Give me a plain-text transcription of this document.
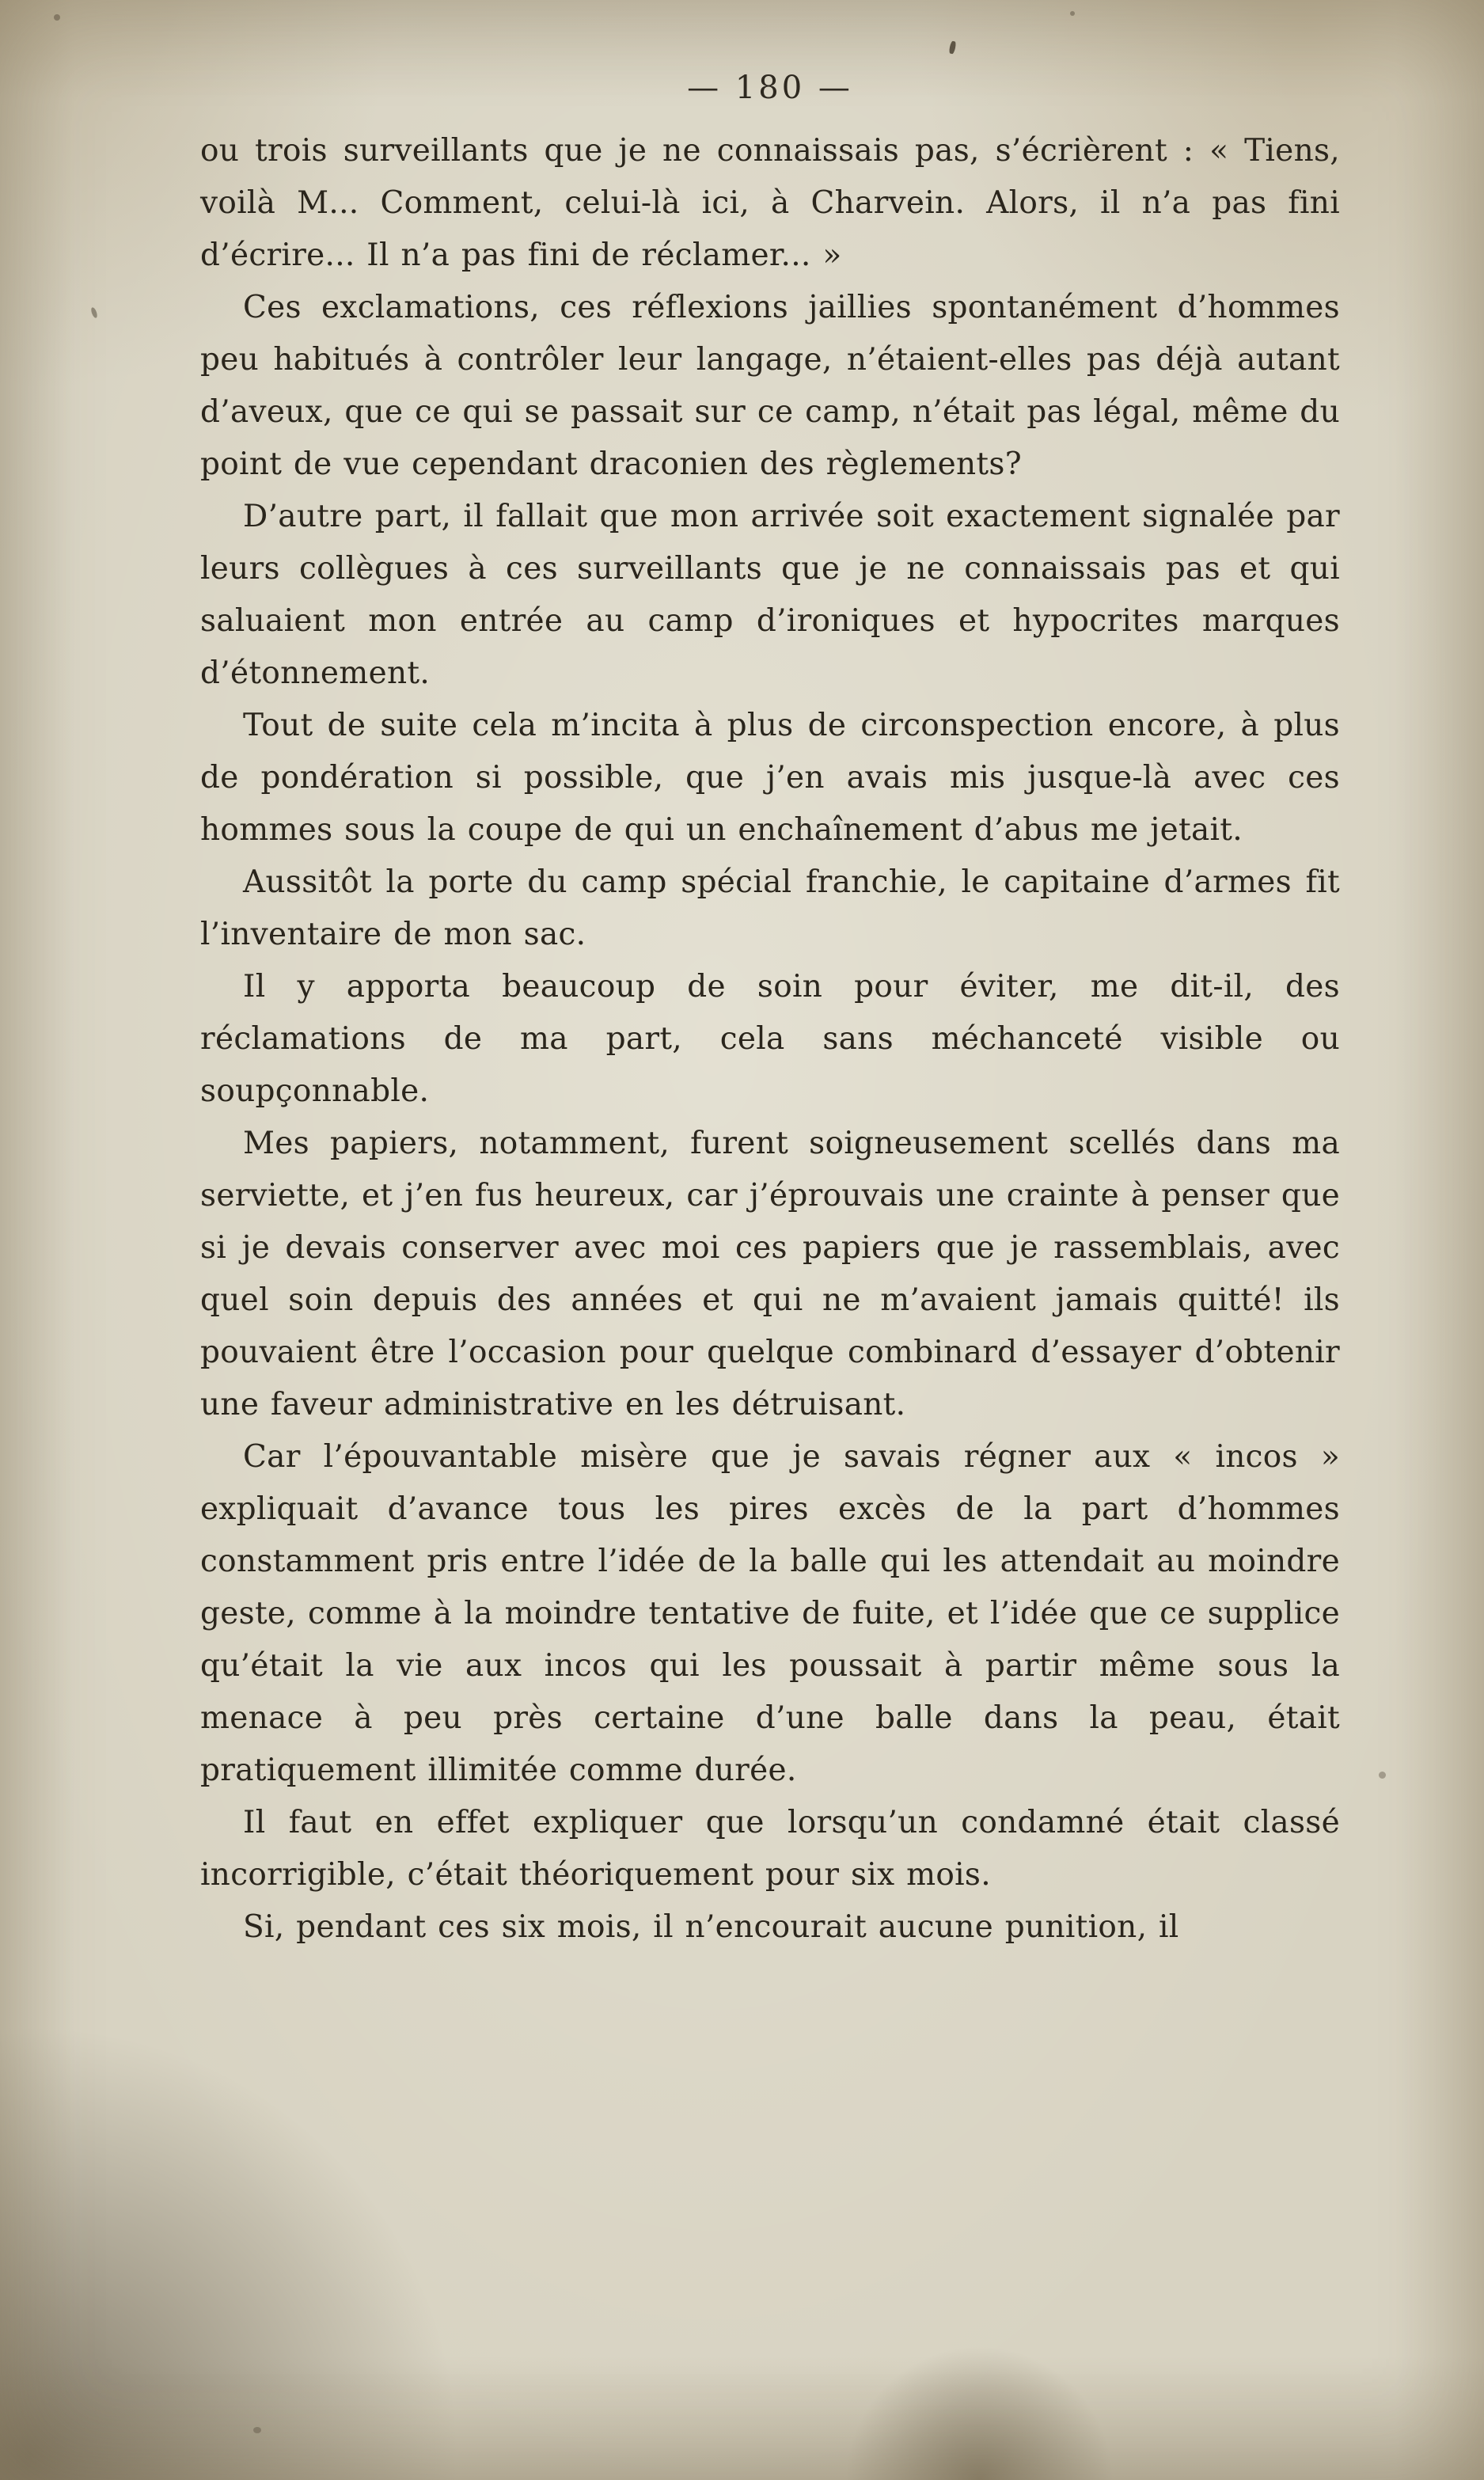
— 180 —

ou trois surveillants que je ne connaissais pas, s’écrièrent : « Tiens, voilà M... Comment, celui-là ici, à Charvein. Alors, il n’a pas fini d’écrire... Il n’a pas fini de réclamer... »

Ces exclamations, ces réflexions jaillies spontanément d’hommes peu habitués à contrôler leur langage, n’étaient-elles pas déjà autant d’aveux, que ce qui se passait sur ce camp, n’était pas légal, même du point de vue cependant draconien des règlements?

D’autre part, il fallait que mon arrivée soit exactement signalée par leurs collègues à ces surveillants que je ne connaissais pas et qui saluaient mon entrée au camp d’ironiques et hypocrites marques d’étonnement.

Tout de suite cela m’incita à plus de circonspection encore, à plus de pondération si possible, que j’en avais mis jusque-là avec ces hommes sous la coupe de qui un enchaînement d’abus me jetait.

Aussitôt la porte du camp spécial franchie, le capitaine d’armes fit l’inventaire de mon sac.

Il y apporta beaucoup de soin pour éviter, me dit-il, des réclamations de ma part, cela sans méchanceté visible ou soupçonnable.

Mes papiers, notamment, furent soigneusement scellés dans ma serviette, et j’en fus heureux, car j’éprouvais une crainte à penser que si je devais conserver avec moi ces papiers que je rassemblais, avec quel soin depuis des années et qui ne m’avaient jamais quitté! ils pouvaient être l’occasion pour quelque combinard d’essayer d’obtenir une faveur administrative en les détruisant.

Car l’épouvantable misère que je savais régner aux « incos » expliquait d’avance tous les pires excès de la part d’hommes constamment pris entre l’idée de la balle qui les attendait au moindre geste, comme à la moindre tentative de fuite, et l’idée que ce supplice qu’était la vie aux incos qui les poussait à partir même sous la menace à peu près certaine d’une balle dans la peau, était pratiquement illimitée comme durée.

Il faut en effet expliquer que lorsqu’un condamné était classé incorrigible, c’était théoriquement pour six mois.

Si, pendant ces six mois, il n’encourait aucune punition, il
